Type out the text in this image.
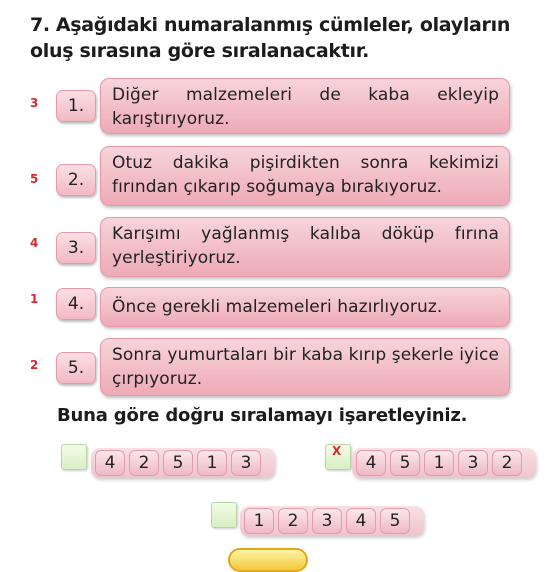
7. Aşağıdaki numaralanmış cümleler, olayların oluş sırasına göre sıralanacaktır.
3	1.
Diğer malzemeleri de kaba ekleyip karıştırıyoruz.
5	2.
Otuz dakika pişirdikten sonra kekimizi fırından çıkarıp soğumaya bırakıyoruz.
4	3.
Karışımı yağlanmış kalıba döküp fırına yerleştiriyoruz.
1	4.	Önce gerekli malzemeleri hazırlıyoruz.
2	5.
Sonra yumurtaları bir kaba kırıp şekerle iyice çırpıyoruz.
Buna göre doğru sıralamayı işaretleyiniz.
4	2	5	1	3
X
4	5	1	3	2
1	2	3	4	5
